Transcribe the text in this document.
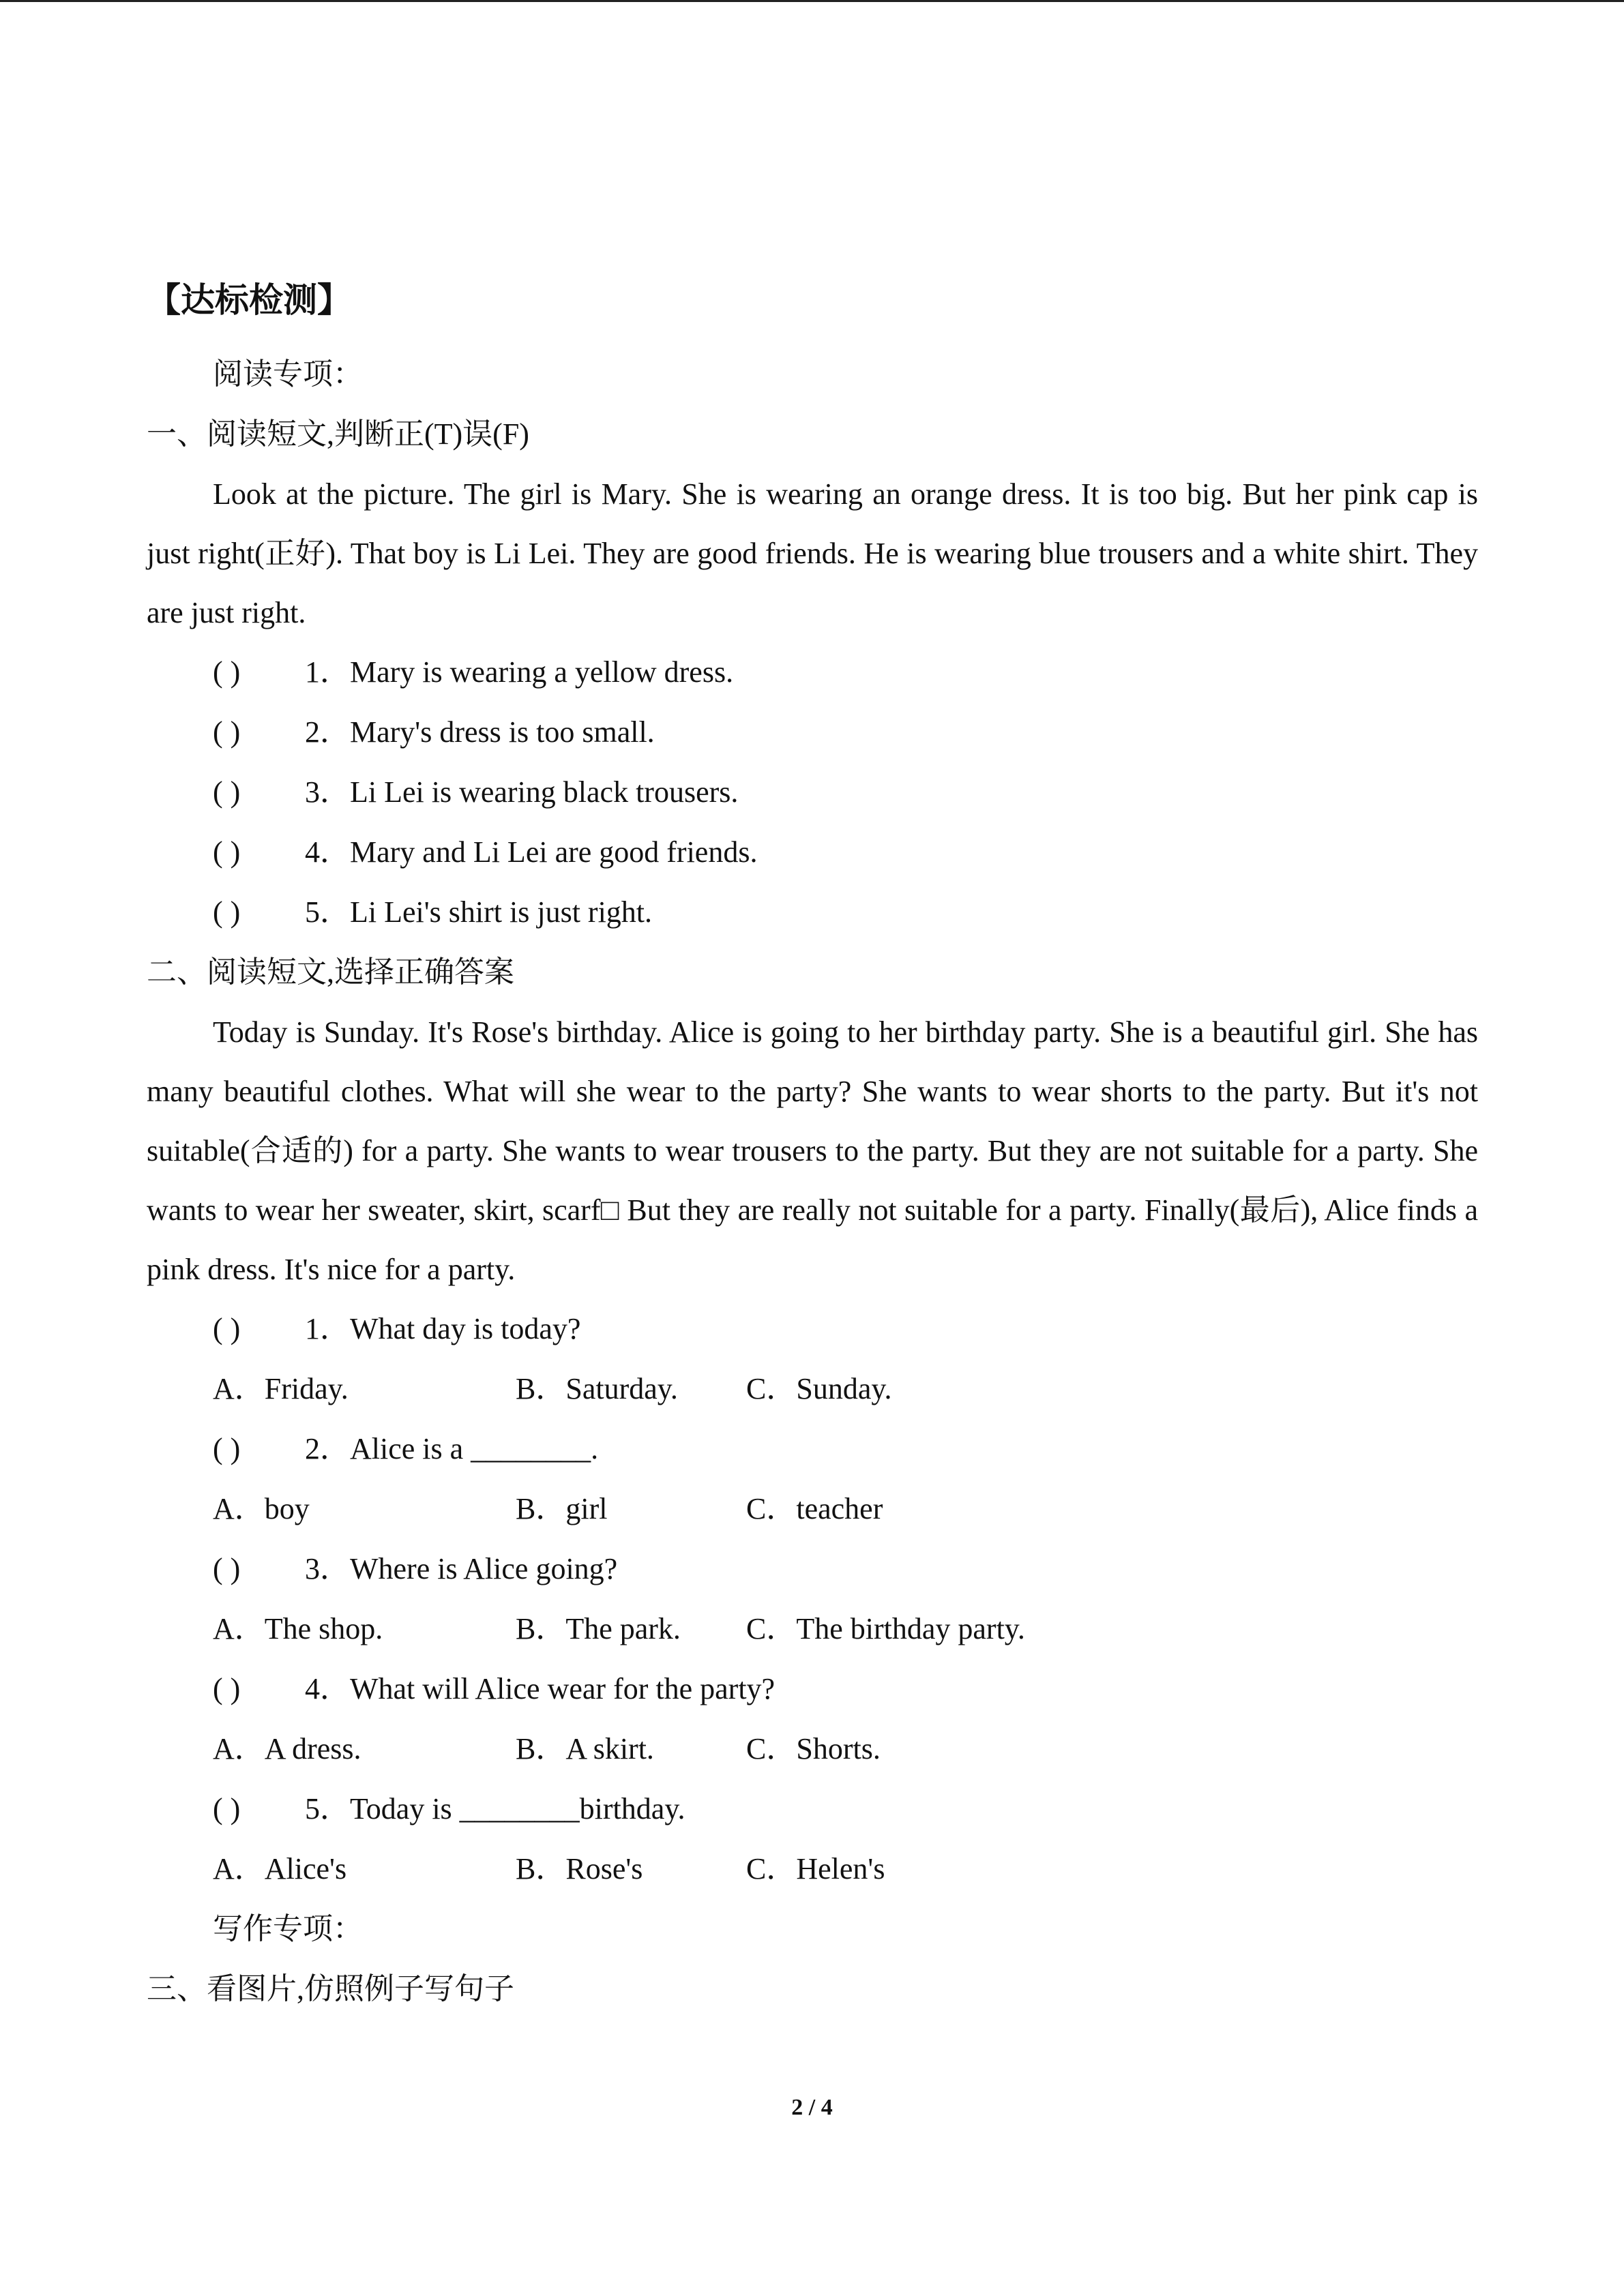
【达标检测】
阅读专项：
一、阅读短文,判断正(T)误(F)

Look at the picture. The girl is Mary. She is wearing an orange dress. It is too big. But her pink cap is just right(正好). That boy is Li Lei. They are good friends. He is wearing blue trousers and a white shirt. They are just right.

( ) 1．Mary is wearing a yellow dress.
( ) 2．Mary's dress is too small.
( ) 3．Li Lei is wearing black trousers.
( ) 4．Mary and Li Lei are good friends.
( ) 5．Li Lei's shirt is just right.
二、阅读短文,选择正确答案

Today is Sunday. It's Rose's birthday. Alice is going to her birthday party. She is a beautiful girl. She has many beautiful clothes. What will she wear to the party? She wants to wear shorts to the party. But it's not suitable(合适的) for a party. She wants to wear trousers to the party. But they are not suitable for a party. She wants to wear her sweater, skirt, scarf□ But they are really not suitable for a party. Finally(最后), Alice finds a pink dress. It's nice for a party.

( ) 1．What day is today?
A．Friday.	B．Saturday. C．Sunday.
( ) 2．Alice is a ________.
A．boy	B．girl	C．teacher
( ) 3．Where is Alice going?
A．The shop.	B．The park. C．The birthday party.
( ) 4．What will Alice wear for the party?
A．A dress.	B．A skirt.	C．Shorts.
( ) 5．Today is ________birthday.
A．Alice's	B．Rose's	C．Helen's
写作专项：
三、看图片,仿照例子写句子
2 / 4
